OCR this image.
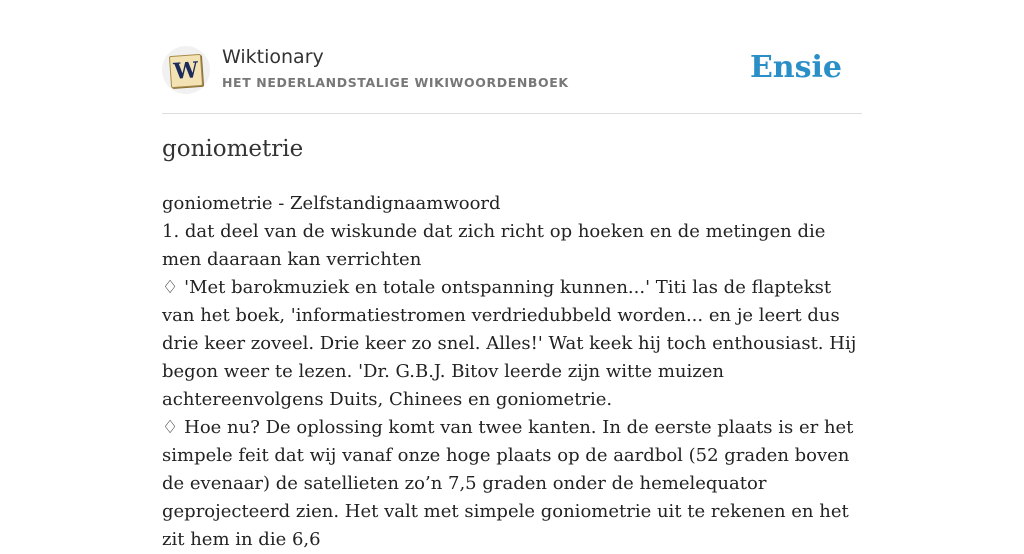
W
Wiktionary
HET NEDERLANDSTALIGE WIKIWOORDENBOEK	Ensie
goniometrie

goniometrie - Zelfstandignaamwoord

1. dat deel van de wiskunde dat zich richt op hoeken en de metingen die men daaraan kan verrichten

♢ 'Met barokmuziek en totale ontspanning kunnen...' Titi las de flaptekst van het boek, 'informatiestromen verdriedubbeld worden... en je leert dus drie keer zoveel. Drie keer zo snel. Alles!' Wat keek hij toch enthousiast. Hij begon weer te lezen. 'Dr. G.B.J. Bitov leerde zijn witte muizen achtereenvolgens Duits, Chinees en goniometrie.

♢ Hoe nu? De oplossing komt van twee kanten. In de eerste plaats is er het simpele feit dat wij vanaf onze hoge plaats op de aardbol (52 graden boven de evenaar) de satellieten zo’n 7,5 graden onder de hemelequator geprojecteerd zien. Het valt met simpele goniometrie uit te rekenen en het zit hem in die 6,6
